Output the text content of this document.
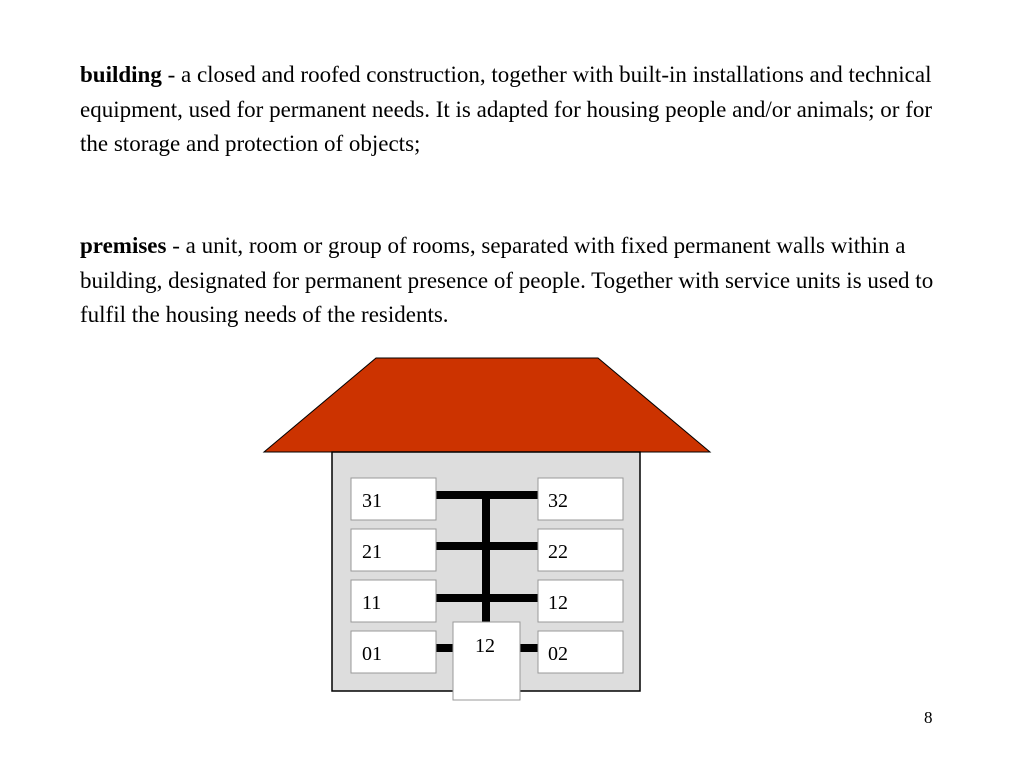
building - a closed and roofed construction, together with built-in installations and technical equipment, used for permanent needs. It is adapted for housing people and/or animals; or for the storage and protection of objects;

premises - a unit, room or group of rooms, separated with fixed permanent walls within a building, designated for permanent presence of people. Together with service units is used to fulfil the housing needs of the residents.

31
21
11
01
32
22
12
02
12
8
